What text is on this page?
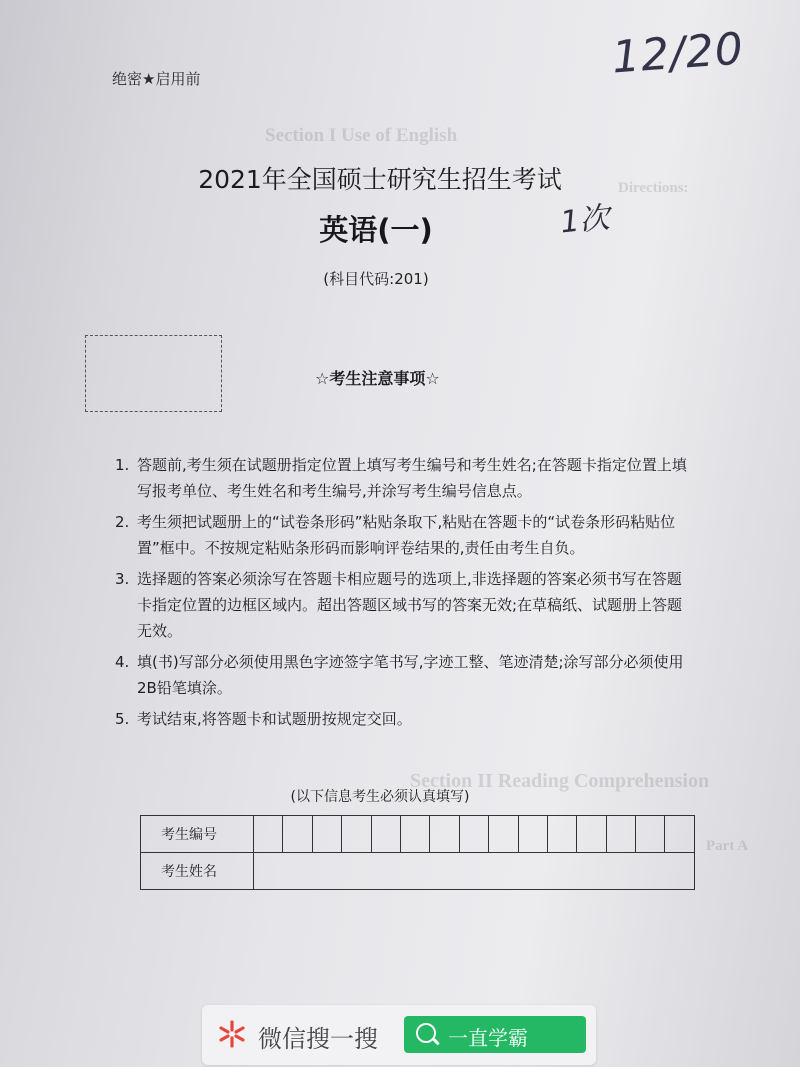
Section I Use of English
Directions:
Section II Reading Comprehension
Part A
绝密★启用前	12/20
1次
2021年全国硕士研究生招生考试
英语(一)
(科目代码:201)
☆考生注意事项☆
1. 答题前,考生须在试题册指定位置上填写考生编号和考生姓名;在答题卡指定位置上填写报考单位、考生姓名和考生编号,并涂写考生编号信息点。
2. 考生须把试题册上的“试卷条形码”粘贴条取下,粘贴在答题卡的“试卷条形码粘贴位置”框中。不按规定粘贴条形码而影响评卷结果的,责任由考生自负。
3. 选择题的答案必须涂写在答题卡相应题号的选项上,非选择题的答案必须书写在答题卡指定位置的边框区域内。超出答题区域书写的答案无效;在草稿纸、试题册上答题无效。
4. 填(书)写部分必须使用黑色字迹签字笔书写,字迹工整、笔迹清楚;涂写部分必须使用2B铅笔填涂。
5. 考试结束,将答题卡和试题册按规定交回。
(以下信息考生必须认真填写)
考生编号															
考生姓名															
微信搜一搜	一直学霸
